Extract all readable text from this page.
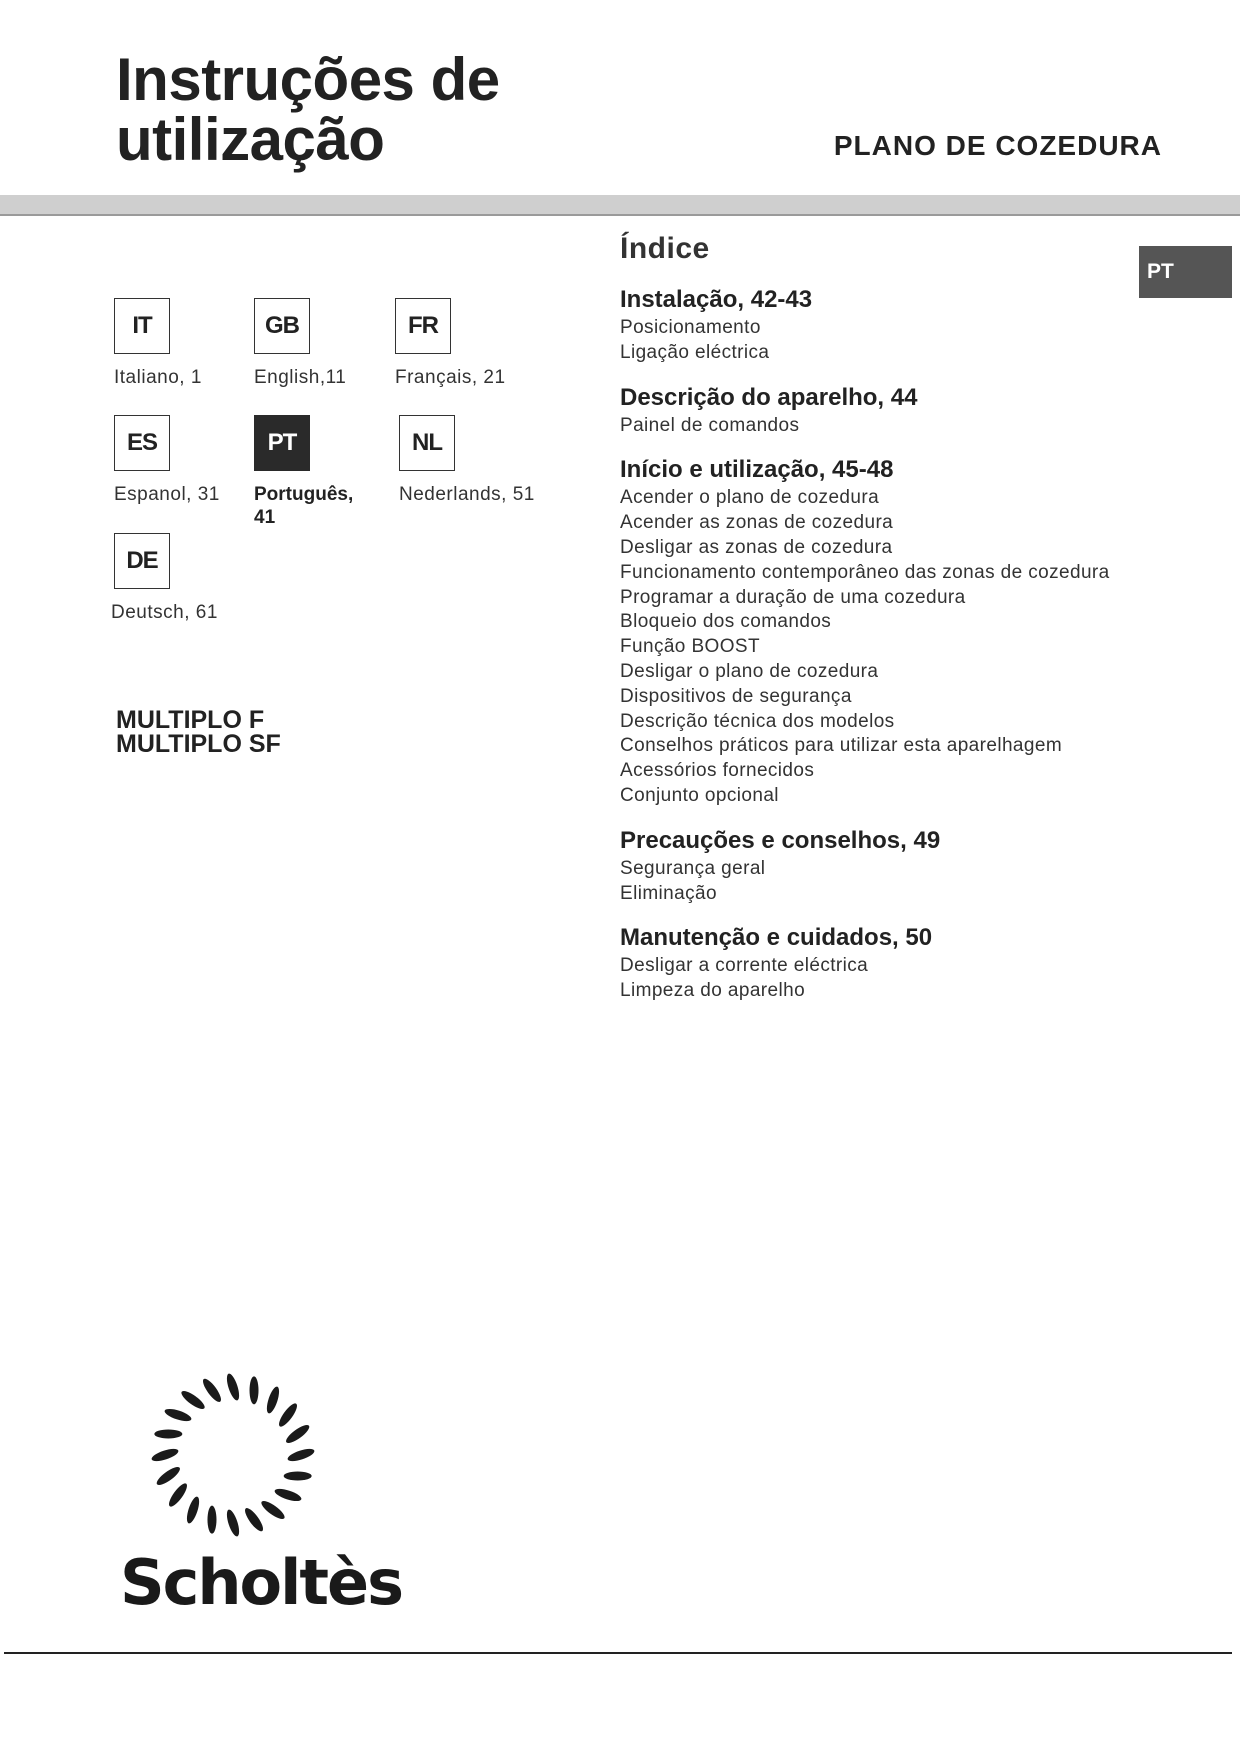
Instruções de
utilização	PLANO DE COZEDURA
IT
Italiano, 1
GB
English,11
FR
Français, 21
ES
Espanol, 31
PT
Português, 41
NL
Nederlands, 51
DE
Deutsch, 61
MULTIPLO F
MULTIPLO SF
Índice
Instalação, 42-43
Posicionamento
Ligação eléctrica
Descrição do aparelho, 44
Painel de comandos
Início e utilização, 45-48
Acender o plano de cozedura
Acender as zonas de cozedura
Desligar as zonas de cozedura
Funcionamento contemporâneo das zonas de cozedura
Programar a duração de uma cozedura
Bloqueio dos comandos
Função BOOST
Desligar o plano de cozedura
Dispositivos de segurança
Descrição técnica dos modelos
Conselhos práticos para utilizar esta aparelhagem
Acessórios fornecidos
Conjunto opcional
Precauções e conselhos, 49
Segurança geral
Eliminação
Manutenção e cuidados, 50
Desligar a corrente eléctrica
Limpeza do aparelho
PT
Scholtès
